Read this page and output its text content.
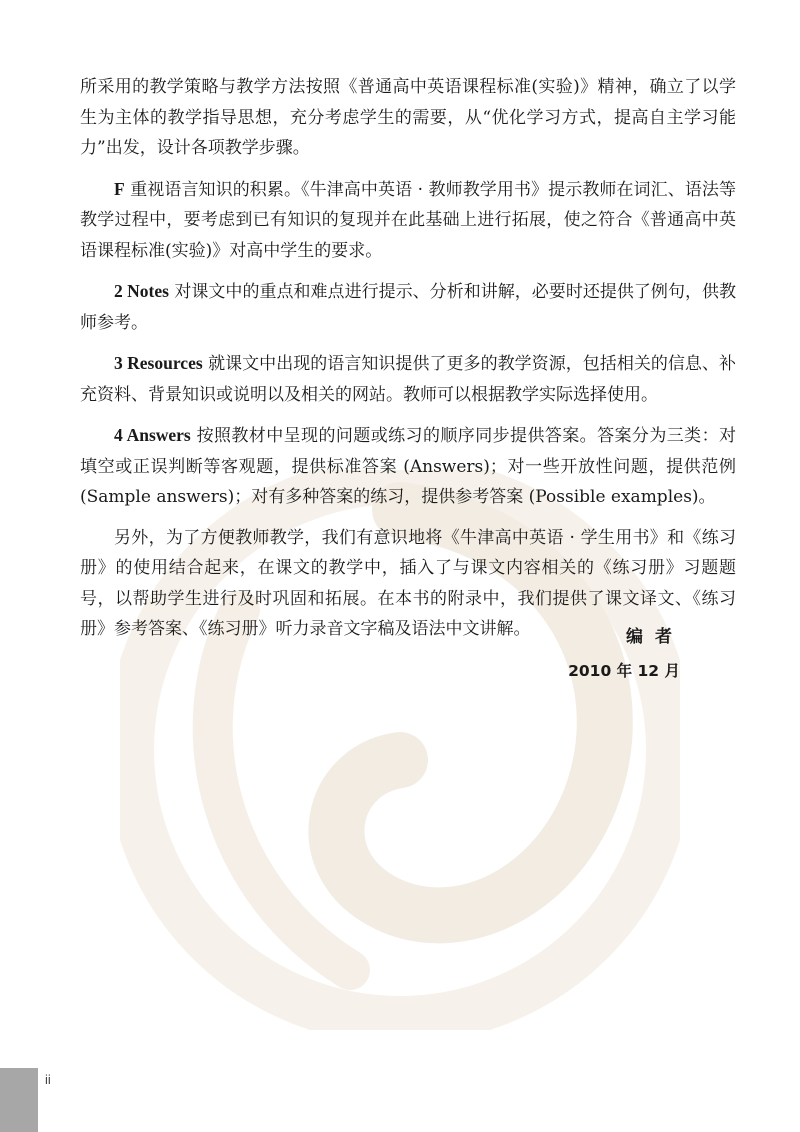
所采用的教学策略与教学方法按照《普通高中英语课程标准(实验)》精神，确立了以学生为主体的教学指导思想，充分考虑学生的需要，从“优化学习方式，提高自主学习能力”出发，设计各项教学步骤。

F 重视语言知识的积累。《牛津高中英语 · 教师教学用书》提示教师在词汇、语法等教学过程中，要考虑到已有知识的复现并在此基础上进行拓展，使之符合《普通高中英语课程标准(实验)》对高中学生的要求。

2 Notes 对课文中的重点和难点进行提示、分析和讲解，必要时还提供了例句，供教师参考。

3 Resources 就课文中出现的语言知识提供了更多的教学资源，包括相关的信息、补充资料、背景知识或说明以及相关的网站。教师可以根据教学实际选择使用。

4 Answers 按照教材中呈现的问题或练习的顺序同步提供答案。答案分为三类：对填空或正误判断等客观题，提供标准答案 (Answers)；对一些开放性问题，提供范例 (Sample answers)；对有多种答案的练习，提供参考答案 (Possible examples)。

另外，为了方便教师教学，我们有意识地将《牛津高中英语 · 学生用书》和《练习册》的使用结合起来，在课文的教学中，插入了与课文内容相关的《练习册》习题题号，以帮助学生进行及时巩固和拓展。在本书的附录中，我们提供了课文译文、《练习册》参考答案、《练习册》听力录音文字稿及语法中文讲解。	编者
2010 年 12 月
ii
